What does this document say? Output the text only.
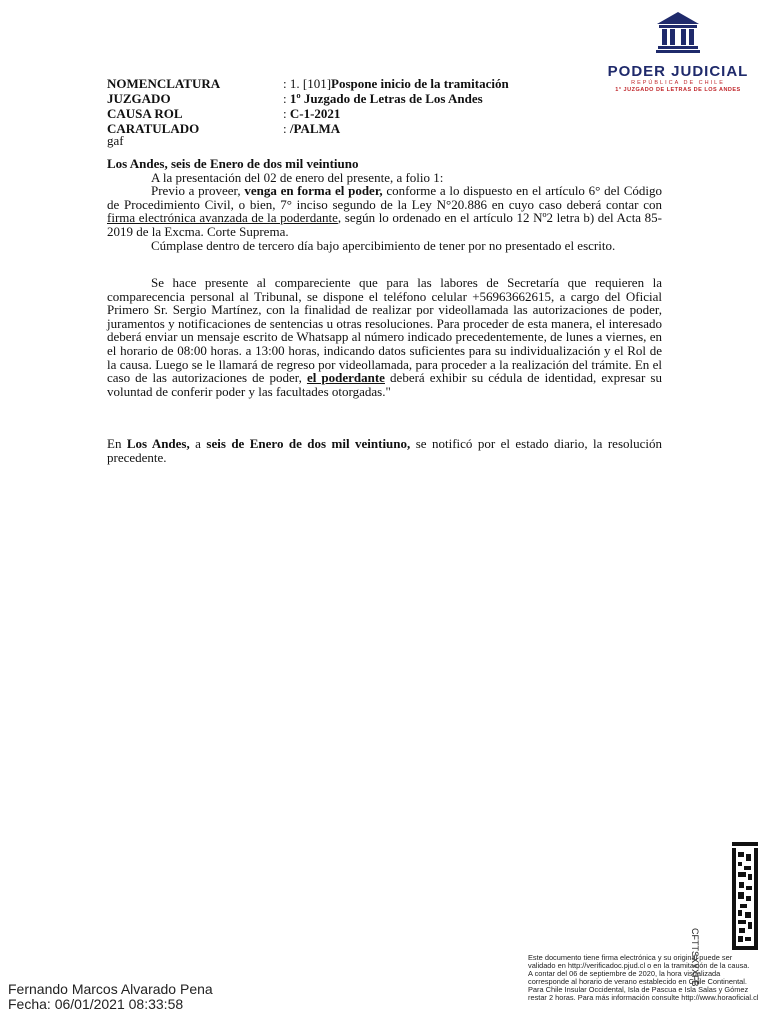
PODER JUDICIAL
REPÚBLICA DE CHILE
1° JUZGADO DE LETRAS DE LOS ANDES
NOMENCLATURA	: 1. [101]Pospone inicio de la tramitación
JUZGADO	: 1º Juzgado de Letras de Los Andes
CAUSA ROL	: C-1-2021
CARATULADO	: /PALMA
gaf

Los Andes, seis de Enero de dos mil veintiuno

A la presentación del 02 de enero del presente, a folio 1:

Previo a proveer, venga en forma el poder, conforme a lo dispuesto en el artículo 6° del Código de Procedimiento Civil, o bien, 7° inciso segundo de la Ley N°20.886 en cuyo caso deberá contar con firma electrónica avanzada de la poderdante, según lo ordenado en el artículo 12 Nº2 letra b) del Acta 85-2019 de la Excma. Corte Suprema.

Cúmplase dentro de tercero día bajo apercibimiento de tener por no presentado el escrito.

Se hace presente al compareciente que para las labores de Secretaría que requieren la comparecencia personal al Tribunal, se dispone el teléfono celular +56963662615, a cargo del Oficial Primero Sr. Sergio Martínez, con la finalidad de realizar por videollamada las autorizaciones de poder, juramentos y notificaciones de sentencias u otras resoluciones. Para proceder de esta manera, el interesado deberá enviar un mensaje escrito de Whatsapp al número indicado precedentemente, de lunes a viernes, en el horario de 08:00 horas. a 13:00 horas, indicando datos suficientes para su individualización y el Rol de la causa. Luego se le llamará de regreso por videollamada, para proceder a la realización del trámite. En el caso de las autorizaciones de poder, el poderdante deberá exhibir su cédula de identidad, expresar su voluntad de conferir poder y las facultades otorgadas."

En Los Andes, a seis de Enero de dos mil veintiuno, se notificó por el estado diario, la resolución precedente.

CFTTSXYXFB
Fernando Marcos Alvarado Pena
Fecha: 06/01/2021 08:33:58

Este documento tiene firma electrónica y su original puede ser validado en http://verificadoc.pjud.cl o en la tramitación de la causa.

A contar del 06 de septiembre de 2020, la hora visualizada corresponde al horario de verano establecido en Chile Continental. Para Chile Insular Occidental, Isla de Pascua e Isla Salas y Gómez restar 2 horas. Para más información consulte http://www.horaoficial.cl
